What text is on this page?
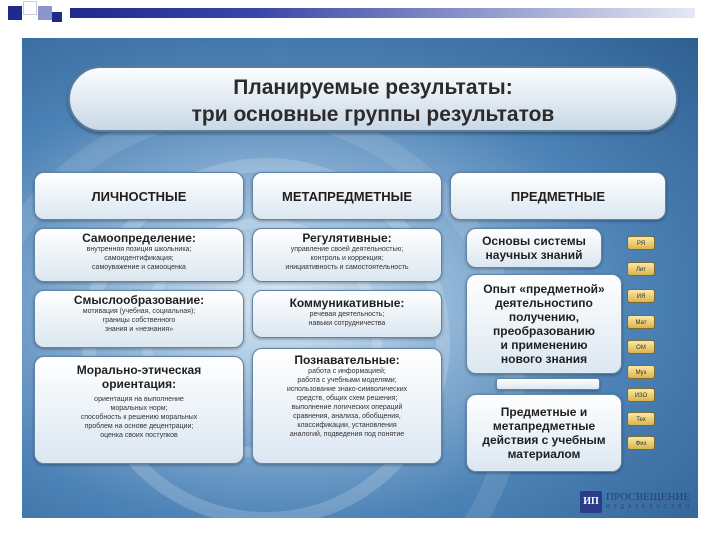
Планируемые результаты:
три основные группы результатов
ЛИЧНОСТНЫЕ	МЕТАПРЕДМЕТНЫЕ	ПРЕДМЕТНЫЕ
Самоопределение:
внутренняя позиция школьника;
самоидентификация;
самоуважение и самооценка
Смыслообразование:
мотивация (учебная, социальная);
границы собственного
знания и «незнания»
Морально-этическая
ориентация:
ориентация на выполнение
моральных норм;
способность к решению моральных
проблем на основе децентрации;
оценка своих поступков
Регулятивные:
управление своей деятельностью;
контроль и коррекция;
инициативность и самостоятельность
Коммуникативные:
речевая деятельность;
навыки сотрудничества
Познавательные:
работа с информацией;
работа с учебными моделями;
использование знако-символических
средств, общих схем решения;
выполнение логических операций
сравнения, анализа, обобщения,
классификации, установления
аналогий, подведения под понятие
Основы системы
научных знаний
Опыт «предметной»
деятельностипо
получению,
преобразованию
и применению
нового знания
Предметные и
метапредметные
действия с учебным
материалом
РЯ
Лит
ИЯ
Мат
ОМ
Муз
ИЗО
Тех
Физ
ИП ПРОСВЕЩЕНИЕ
ИЗДАТЕЛЬСТВО
